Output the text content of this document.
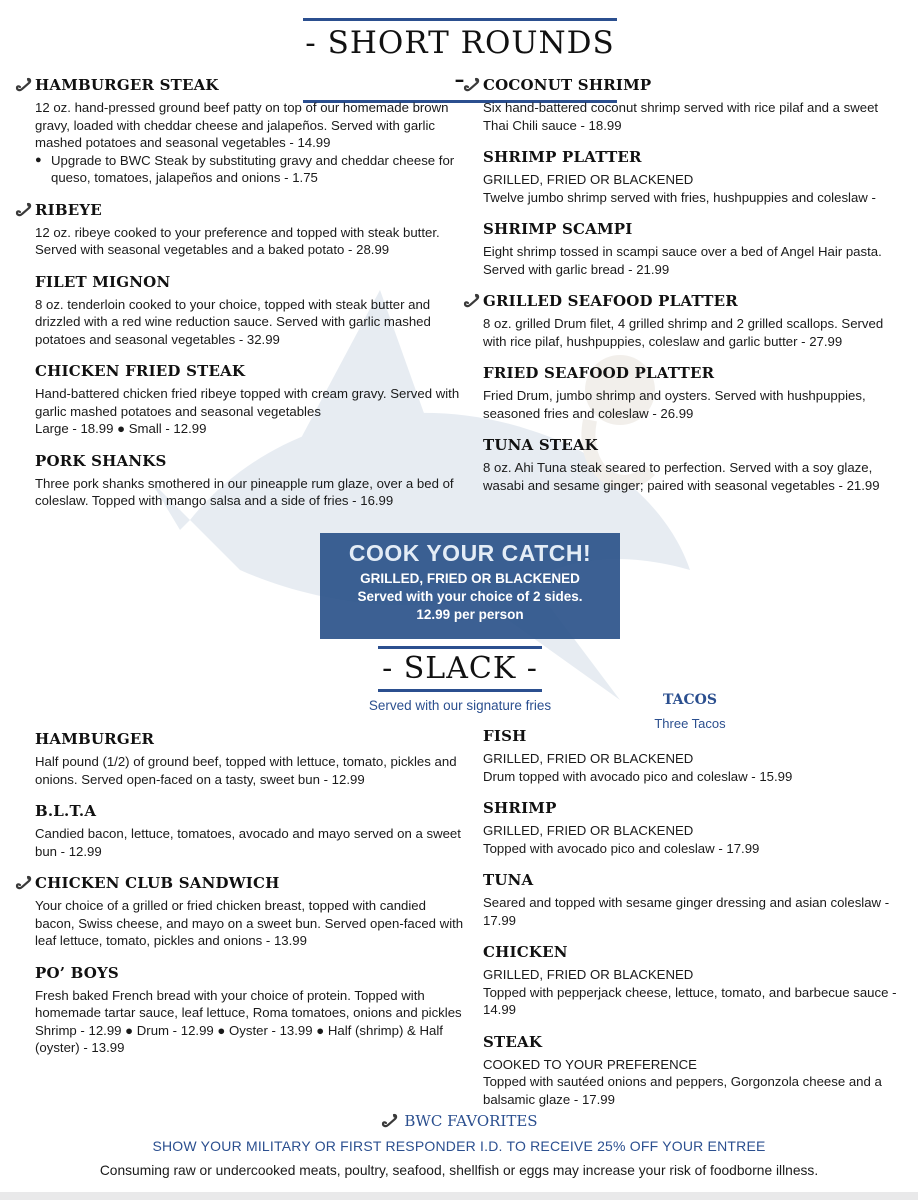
- SHORT ROUNDS -
HAMBURGER STEAK
12 oz. hand-pressed ground beef patty on top of our homemade brown gravy, loaded with cheddar cheese and jalapeños. Served with garlic mashed potatoes and seasonal vegetables - 14.99
● Upgrade to BWC Steak by substituting gravy and cheddar cheese for queso, tomatoes, jalapeños and onions - 1.75
RIBEYE
12 oz. ribeye cooked to your preference and topped with steak butter. Served with seasonal vegetables and a baked potato - 28.99
FILET MIGNON
8 oz. tenderloin cooked to your choice, topped with steak butter and drizzled with a red wine reduction sauce. Served with garlic mashed potatoes and seasonal vegetables - 32.99
CHICKEN FRIED STEAK
Hand-battered chicken fried ribeye topped with cream gravy. Served with garlic mashed potatoes and seasonal vegetables
Large - 18.99 ● Small - 12.99
PORK SHANKS
Three pork shanks smothered in our pineapple rum glaze, over a bed of coleslaw. Topped with mango salsa and a side of fries - 16.99
COCONUT SHRIMP
Six hand-battered coconut shrimp served with rice pilaf and a sweet Thai Chili sauce - 18.99
SHRIMP PLATTER
GRILLED, FRIED OR BLACKENED
Twelve jumbo shrimp served with fries, hushpuppies and coleslaw -
SHRIMP SCAMPI
Eight shrimp tossed in scampi sauce over a bed of Angel Hair pasta. Served with garlic bread - 21.99
GRILLED SEAFOOD PLATTER
8 oz. grilled Drum filet, 4 grilled shrimp and 2 grilled scallops. Served with rice pilaf, hushpuppies, coleslaw and garlic butter - 27.99
FRIED SEAFOOD PLATTER
Fried Drum, jumbo shrimp and oysters. Served with hushpuppies, seasoned fries and coleslaw - 26.99
TUNA STEAK
8 oz. Ahi Tuna steak seared to perfection. Served with a soy glaze, wasabi and sesame ginger; paired with seasonal vegetables - 21.99
COOK YOUR CATCH!
GRILLED, FRIED OR BLACKENED
Served with your choice of 2 sides.
12.99 per person
- SLACK -
Served with our signature fries	TACOS
Three Tacos
HAMBURGER
Half pound (1/2) of ground beef, topped with lettuce, tomato, pickles and onions. Served open-faced on a tasty, sweet bun - 12.99
B.L.T.A
Candied bacon, lettuce, tomatoes, avocado and mayo served on a sweet bun - 12.99
CHICKEN CLUB SANDWICH
Your choice of a grilled or fried chicken breast, topped with candied bacon, Swiss cheese, and mayo on a sweet bun. Served open-faced with leaf lettuce, tomato, pickles and onions - 13.99
PO’ BOYS
Fresh baked French bread with your choice of protein. Topped with homemade tartar sauce, leaf lettuce, Roma tomatoes, onions and pickles
Shrimp - 12.99 ● Drum - 12.99 ● Oyster - 13.99 ● Half (shrimp) & Half (oyster) - 13.99
FISH
GRILLED, FRIED OR BLACKENED
Drum topped with avocado pico and coleslaw - 15.99
SHRIMP
GRILLED, FRIED OR BLACKENED
Topped with avocado pico and coleslaw - 17.99
TUNA
Seared and topped with sesame ginger dressing and asian coleslaw - 17.99
CHICKEN
GRILLED, FRIED OR BLACKENED
Topped with pepperjack cheese, lettuce, tomato, and barbecue sauce - 14.99
STEAK
COOKED TO YOUR PREFERENCE
Topped with sautéed onions and peppers, Gorgonzola cheese and a balsamic glaze - 17.99
BWC FAVORITES
SHOW YOUR MILITARY OR FIRST RESPONDER I.D. TO RECEIVE 25% OFF YOUR ENTREE
Consuming raw or undercooked meats, poultry, seafood, shellfish or eggs may increase your risk of foodborne illness.
